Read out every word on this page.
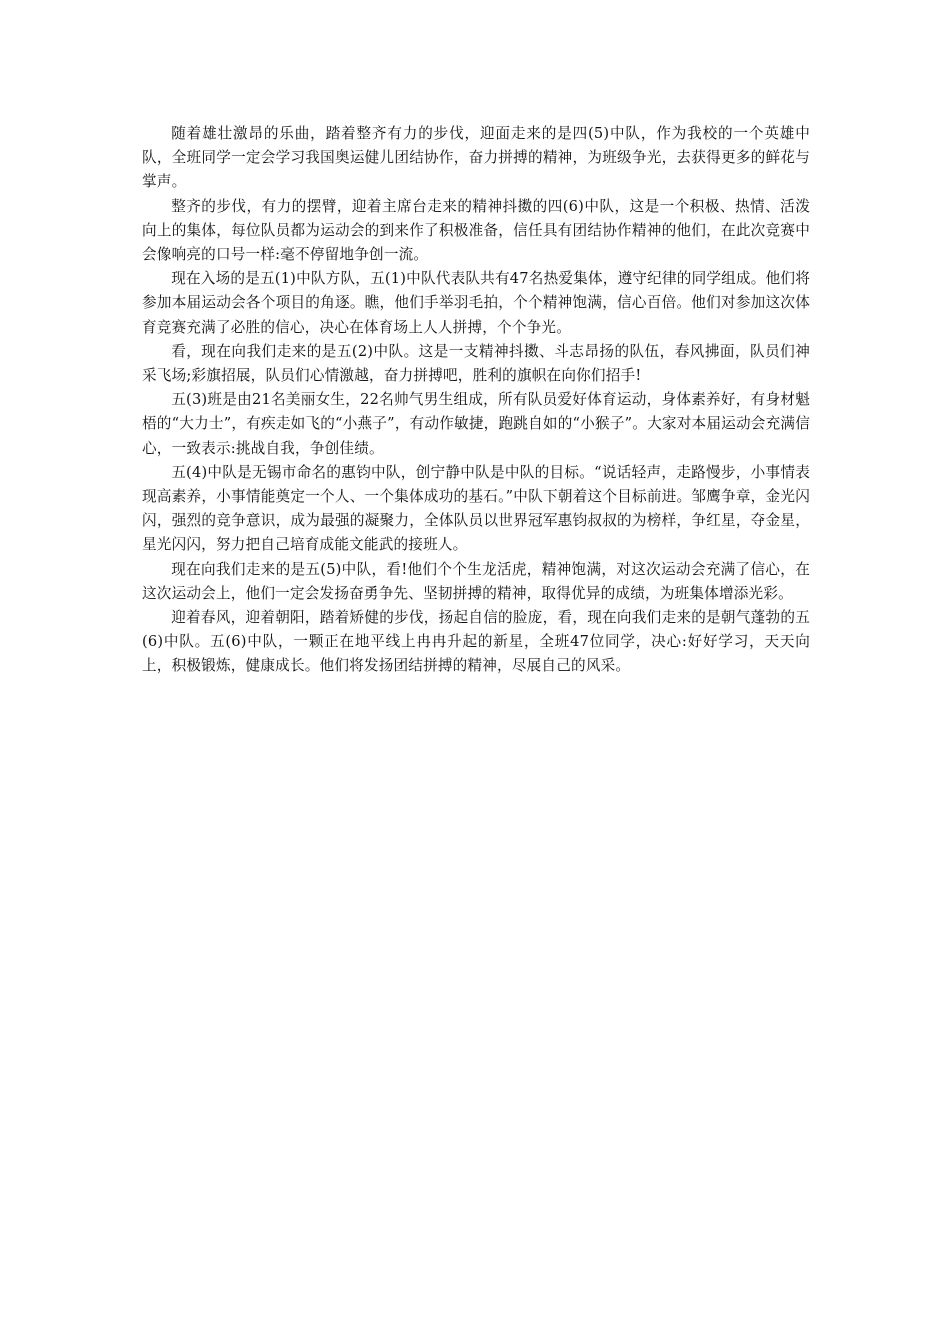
随着雄壮激昂的乐曲，踏着整齐有力的步伐，迎面走来的是四(5)中队，作为我校的一个英雄中队，全班同学一定会学习我国奥运健儿团结协作，奋力拼搏的精神，为班级争光，去获得更多的鲜花与掌声。

整齐的步伐，有力的摆臂，迎着主席台走来的精神抖擞的四(6)中队，这是一个积极、热情、活泼向上的集体，每位队员都为运动会的到来作了积极准备，信任具有团结协作精神的他们，在此次竞赛中会像响亮的口号一样:毫不停留地争创一流。

现在入场的是五(1)中队方队，五(1)中队代表队共有47名热爱集体，遵守纪律的同学组成。他们将参加本届运动会各个项目的角逐。瞧，他们手举羽毛拍，个个精神饱满，信心百倍。他们对参加这次体育竞赛充满了必胜的信心，决心在体育场上人人拼搏，个个争光。

看，现在向我们走来的是五(2)中队。这是一支精神抖擞、斗志昂扬的队伍，春风拂面，队员们神采飞场;彩旗招展，队员们心情激越，奋力拼搏吧，胜利的旗帜在向你们招手!

五(3)班是由21名美丽女生，22名帅气男生组成，所有队员爱好体育运动，身体素养好，有身材魁梧的“大力士”，有疾走如飞的“小燕子”，有动作敏捷，跑跳自如的“小猴子”。大家对本届运动会充满信心，一致表示:挑战自我，争创佳绩。

五(4)中队是无锡市命名的惠钧中队，创宁静中队是中队的目标。“说话轻声，走路慢步，小事情表现高素养，小事情能奠定一个人、一个集体成功的基石。”中队下朝着这个目标前进。邹鹰争章，金光闪闪，强烈的竞争意识，成为最强的凝聚力，全体队员以世界冠军惠钧叔叔的为榜样，争红星，夺金星，星光闪闪，努力把自己培育成能文能武的接班人。

现在向我们走来的是五(5)中队，看!他们个个生龙活虎，精神饱满，对这次运动会充满了信心，在这次运动会上，他们一定会发扬奋勇争先、坚韧拼搏的精神，取得优异的成绩，为班集体增添光彩。

迎着春风，迎着朝阳，踏着矫健的步伐，扬起自信的脸庞，看，现在向我们走来的是朝气蓬勃的五(6)中队。五(6)中队，一颗正在地平线上冉冉升起的新星，全班47位同学，决心:好好学习，天天向上，积极锻炼，健康成长。他们将发扬团结拼搏的精神，尽展自己的风采。
